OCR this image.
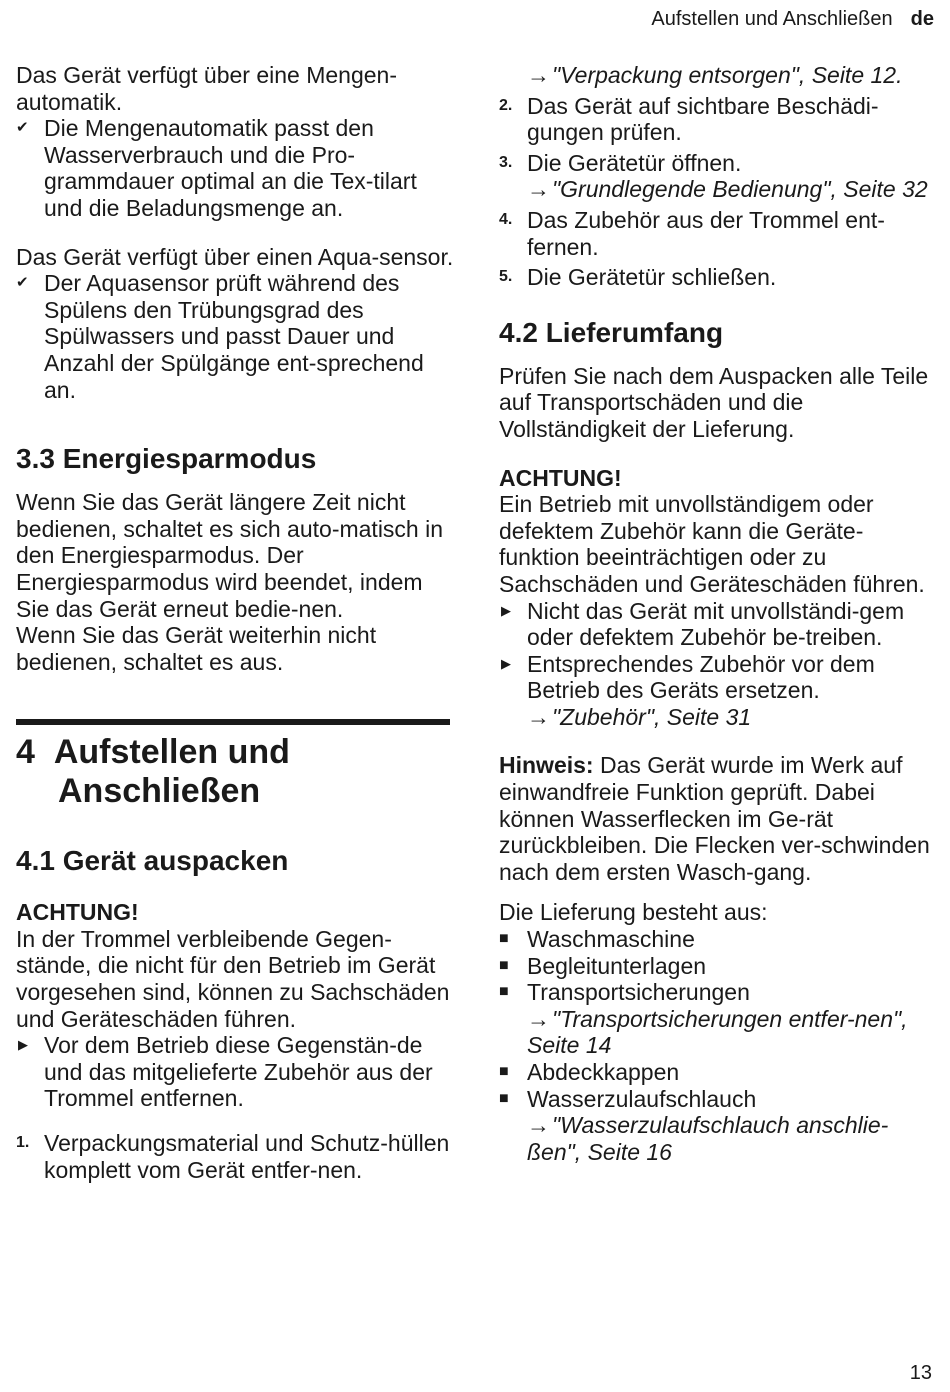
Aufstellen und Anschließen de

Das Gerät verfügt über eine Mengen-automatik.

✔ Die Mengenautomatik passt den Wasserverbrauch und die Pro-grammdauer optimal an die Tex-tilart und die Beladungsmenge an.

Das Gerät verfügt über einen Aqua-sensor.

✔ Der Aquasensor prüft während des Spülens den Trübungsgrad des Spülwassers und passt Dauer und Anzahl der Spülgänge ent-sprechend an.
3.3 Energiesparmodus

Wenn Sie das Gerät längere Zeit nicht bedienen, schaltet es sich auto-matisch in den Energiesparmodus. Der Energiesparmodus wird beendet, indem Sie das Gerät erneut bedie-nen.

Wenn Sie das Gerät weiterhin nicht bedienen, schaltet es aus.

4 Aufstellen und
Anschließen
4.1 Gerät auspacken

ACHTUNG!

In der Trommel verbleibende Gegen-stände, die nicht für den Betrieb im Gerät vorgesehen sind, können zu Sachschäden und Geräteschäden führen.

▶ Vor dem Betrieb diese Gegenstän-de und das mitgelieferte Zubehör aus der Trommel entfernen.
1. Verpackungsmaterial und Schutz-hüllen komplett vom Gerät entfer-nen.
→"Verpackung entsorgen", Seite 12.
2. Das Gerät auf sichtbare Beschädi-gungen prüfen.
3. Die Gerätetür öffnen.
→"Grundlegende Bedienung", Seite 32
4. Das Zubehör aus der Trommel ent-fernen.
5. Die Gerätetür schließen.
4.2 Lieferumfang

Prüfen Sie nach dem Auspacken alle Teile auf Transportschäden und die Vollständigkeit der Lieferung.

ACHTUNG!

Ein Betrieb mit unvollständigem oder defektem Zubehör kann die Geräte-funktion beeinträchtigen oder zu Sachschäden und Geräteschäden führen.

▶ Nicht das Gerät mit unvollständi-gem oder defektem Zubehör be-treiben.
▶ Entsprechendes Zubehör vor dem Betrieb des Geräts ersetzen.
→"Zubehör", Seite 31

Hinweis: Das Gerät wurde im Werk auf einwandfreie Funktion geprüft. Dabei können Wasserflecken im Ge-rät zurückbleiben. Die Flecken ver-schwinden nach dem ersten Wasch-gang.

Die Lieferung besteht aus:

■ Waschmaschine
■ Begleitunterlagen
■ Transportsicherungen
→"Transportsicherungen entfer-nen", Seite 14
■ Abdeckkappen
■ Wasserzulaufschlauch
→"Wasserzulaufschlauch anschlie-ßen", Seite 16
13
